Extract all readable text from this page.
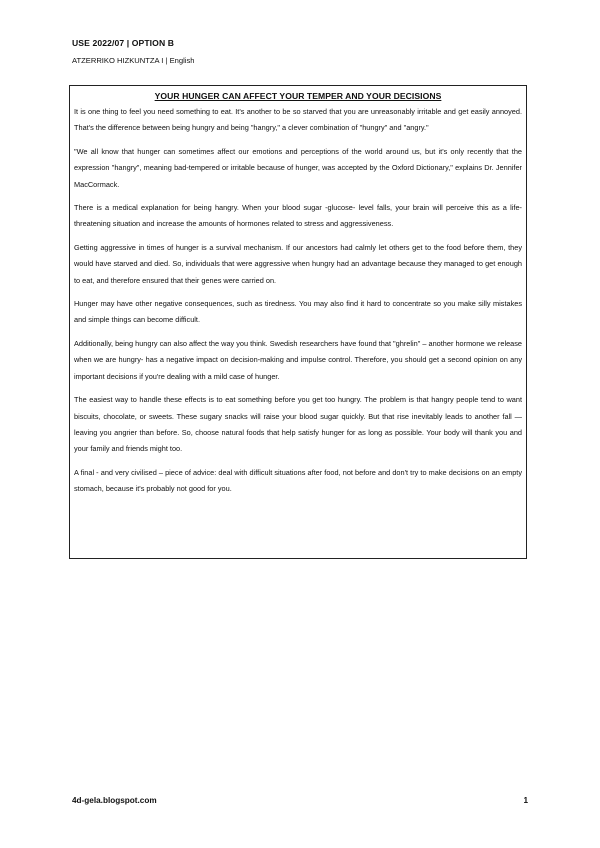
USE 2022/07 | OPTION B
ATZERRIKO HIZKUNTZA I | English
YOUR HUNGER CAN AFFECT YOUR TEMPER AND YOUR DECISIONS

It is one thing to feel you need something to eat. It's another to be so starved that you are unreasonably irritable and get easily annoyed. That's the difference between being hungry and being "hangry," a clever combination of "hungry" and "angry."

"We all know that hunger can sometimes affect our emotions and perceptions of the world around us, but it's only recently that the expression "hangry", meaning bad-tempered or irritable because of hunger, was accepted by the Oxford Dictionary," explains Dr. Jennifer MacCormack.

There is a medical explanation for being hangry. When your blood sugar -glucose- level falls, your brain will perceive this as a life-threatening situation and increase the amounts of hormones related to stress and aggressiveness.

Getting aggressive in times of hunger is a survival mechanism. If our ancestors had calmly let others get to the food before them, they would have starved and died. So, individuals that were aggressive when hungry had an advantage because they managed to get enough to eat, and therefore ensured that their genes were carried on.

Hunger may have other negative consequences, such as tiredness. You may also find it hard to concentrate so you make silly mistakes and simple things can become difficult.

Additionally, being hungry can also affect the way you think. Swedish researchers have found that "ghrelin" – another hormone we release when we are hungry- has a negative impact on decision-making and impulse control. Therefore, you should get a second opinion on any important decisions if you're dealing with a mild case of hunger.

The easiest way to handle these effects is to eat something before you get too hungry. The problem is that hangry people tend to want biscuits, chocolate, or sweets. These sugary snacks will raise your blood sugar quickly. But that rise inevitably leads to another fall —leaving you angrier than before. So, choose natural foods that help satisfy hunger for as long as possible. Your body will thank you and your family and friends might too.

A final - and very civilised – piece of advice: deal with difficult situations after food, not before and don't try to make decisions on an empty stomach, because it's probably not good for you.

4d-gela.blogspot.com	1
